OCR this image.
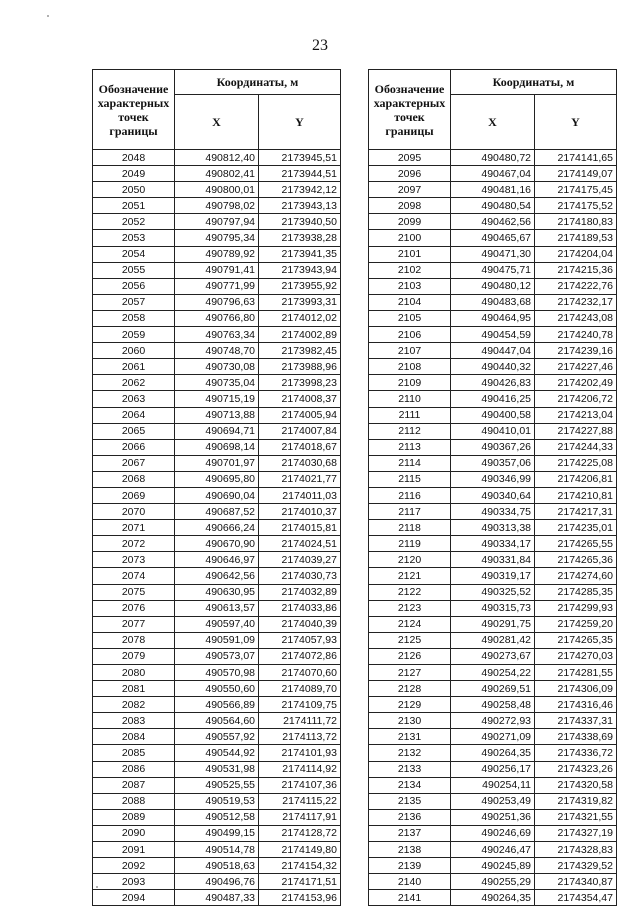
23
Обозначение характерных точек границы	Координаты, м	
	X	Y
2048	490812,40	2173945,51
2049	490802,41	2173944,51
2050	490800,01	2173942,12
2051	490798,02	2173943,13
2052	490797,94	2173940,50
2053	490795,34	2173938,28
2054	490789,92	2173941,35
2055	490791,41	2173943,94
2056	490771,99	2173955,92
2057	490796,63	2173993,31
2058	490766,80	2174012,02
2059	490763,34	2174002,89
2060	490748,70	2173982,45
2061	490730,08	2173988,96
2062	490735,04	2173998,23
2063	490715,19	2174008,37
2064	490713,88	2174005,94
2065	490694,71	2174007,84
2066	490698,14	2174018,67
2067	490701,97	2174030,68
2068	490695,80	2174021,77
2069	490690,04	2174011,03
2070	490687,52	2174010,37
2071	490666,24	2174015,81
2072	490670,90	2174024,51
2073	490646,97	2174039,27
2074	490642,56	2174030,73
2075	490630,95	2174032,89
2076	490613,57	2174033,86
2077	490597,40	2174040,39
2078	490591,09	2174057,93
2079	490573,07	2174072,86
2080	490570,98	2174070,60
2081	490550,60	2174089,70
2082	490566,89	2174109,75
2083	490564,60	2174111,72
2084	490557,92	2174113,72
2085	490544,92	2174101,93
2086	490531,98	2174114,92
2087	490525,55	2174107,36
2088	490519,53	2174115,22
2089	490512,58	2174117,91
2090	490499,15	2174128,72
2091	490514,78	2174149,80
2092	490518,63	2174154,32
2093	490496,76	2174171,51
2094	490487,33	2174153,96
Обозначение характерных точек границы	Координаты, м	
	X	Y
2095	490480,72	2174141,65
2096	490467,04	2174149,07
2097	490481,16	2174175,45
2098	490480,54	2174175,52
2099	490462,56	2174180,83
2100	490465,67	2174189,53
2101	490471,30	2174204,04
2102	490475,71	2174215,36
2103	490480,12	2174222,76
2104	490483,68	2174232,17
2105	490464,95	2174243,08
2106	490454,59	2174240,78
2107	490447,04	2174239,16
2108	490440,32	2174227,46
2109	490426,83	2174202,49
2110	490416,25	2174206,72
2111	490400,58	2174213,04
2112	490410,01	2174227,88
2113	490367,26	2174244,33
2114	490357,06	2174225,08
2115	490346,99	2174206,81
2116	490340,64	2174210,81
2117	490334,75	2174217,31
2118	490313,38	2174235,01
2119	490334,17	2174265,55
2120	490331,84	2174265,36
2121	490319,17	2174274,60
2122	490325,52	2174285,35
2123	490315,73	2174299,93
2124	490291,75	2174259,20
2125	490281,42	2174265,35
2126	490273,67	2174270,03
2127	490254,22	2174281,55
2128	490269,51	2174306,09
2129	490258,48	2174316,46
2130	490272,93	2174337,31
2131	490271,09	2174338,69
2132	490264,35	2174336,72
2133	490256,17	2174323,26
2134	490254,11	2174320,58
2135	490253,49	2174319,82
2136	490251,36	2174321,55
2137	490246,69	2174327,19
2138	490246,47	2174328,83
2139	490245,89	2174329,52
2140	490255,29	2174340,87
2141	490264,35	2174354,47
